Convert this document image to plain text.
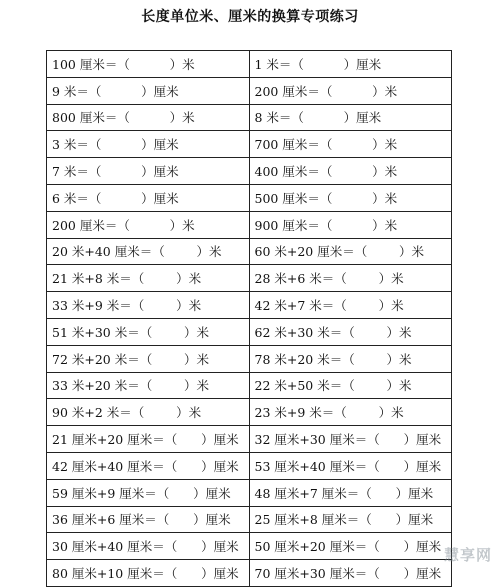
长度单位米、厘米的换算专项练习
100 厘米＝（          ）米	1 米＝（          ）厘米
9 米＝（          ）厘米	200 厘米＝（          ）米
800 厘米＝（          ）米	8 米＝（          ）厘米
3 米＝（          ）厘米	700 厘米＝（          ）米
7 米＝（          ）厘米	400 厘米＝（          ）米
6 米＝（          ）厘米	500 厘米＝（          ）米
200 厘米＝（          ）米	900 厘米＝（          ）米
20 米+40 厘米＝（        ）米	60 米+20 厘米＝（        ）米
21 米+8 米＝（        ）米	28 米+6 米＝（        ）米
33 米+9 米＝（        ）米	42 米+7 米＝（        ）米
51 米+30 米＝（        ）米	62 米+30 米＝（        ）米
72 米+20 米＝（        ）米	78 米+20 米＝（        ）米
33 米+20 米＝（        ）米	22 米+50 米＝（        ）米
90 米+2 米＝（        ）米	23 米+9 米＝（        ）米
21 厘米+20 厘米＝（      ）厘米	32 厘米+30 厘米＝（      ）厘米
42 厘米+40 厘米＝（      ）厘米	53 厘米+40 厘米＝（      ）厘米
59 厘米+9 厘米＝（      ）厘米	48 厘米+7 厘米＝（      ）厘米
36 厘米+6 厘米＝（      ）厘米	25 厘米+8 厘米＝（      ）厘米
30 厘米+40 厘米＝（      ）厘米	50 厘米+20 厘米＝（      ）厘米
80 厘米+10 厘米＝（      ）厘米	70 厘米+30 厘米＝（      ）厘米
慧享网
